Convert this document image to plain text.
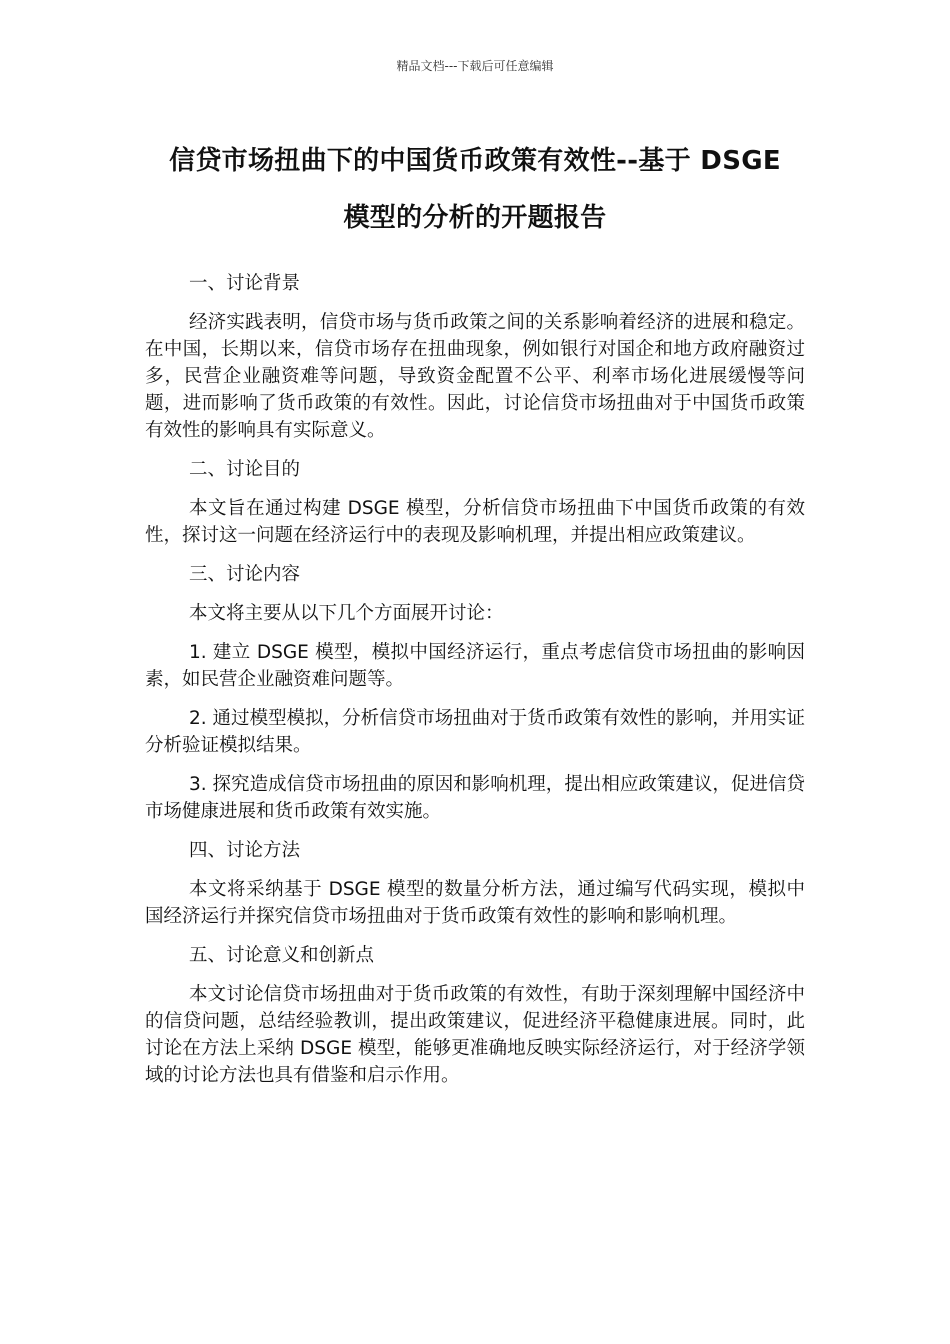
精品文档---下载后可任意编辑
信贷市场扭曲下的中国货币政策有效性--基于 DSGE
模型的分析的开题报告

一、讨论背景

经济实践表明，信贷市场与货币政策之间的关系影响着经济的进展和稳定。在中国，长期以来，信贷市场存在扭曲现象，例如银行对国企和地方政府融资过多，民营企业融资难等问题，导致资金配置不公平、利率市场化进展缓慢等问题，进而影响了货币政策的有效性。因此，讨论信贷市场扭曲对于中国货币政策有效性的影响具有实际意义。

二、讨论目的

本文旨在通过构建 DSGE 模型，分析信贷市场扭曲下中国货币政策的有效性，探讨这一问题在经济运行中的表现及影响机理，并提出相应政策建议。

三、讨论内容

本文将主要从以下几个方面展开讨论：

1. 建立 DSGE 模型，模拟中国经济运行，重点考虑信贷市场扭曲的影响因素，如民营企业融资难问题等。

2. 通过模型模拟，分析信贷市场扭曲对于货币政策有效性的影响，并用实证分析验证模拟结果。

3. 探究造成信贷市场扭曲的原因和影响机理，提出相应政策建议，促进信贷市场健康进展和货币政策有效实施。

四、讨论方法

本文将采纳基于 DSGE 模型的数量分析方法，通过编写代码实现，模拟中国经济运行并探究信贷市场扭曲对于货币政策有效性的影响和影响机理。

五、讨论意义和创新点

本文讨论信贷市场扭曲对于货币政策的有效性，有助于深刻理解中国经济中的信贷问题，总结经验教训，提出政策建议，促进经济平稳健康进展。同时，此讨论在方法上采纳 DSGE 模型，能够更准确地反映实际经济运行，对于经济学领域的讨论方法也具有借鉴和启示作用。
